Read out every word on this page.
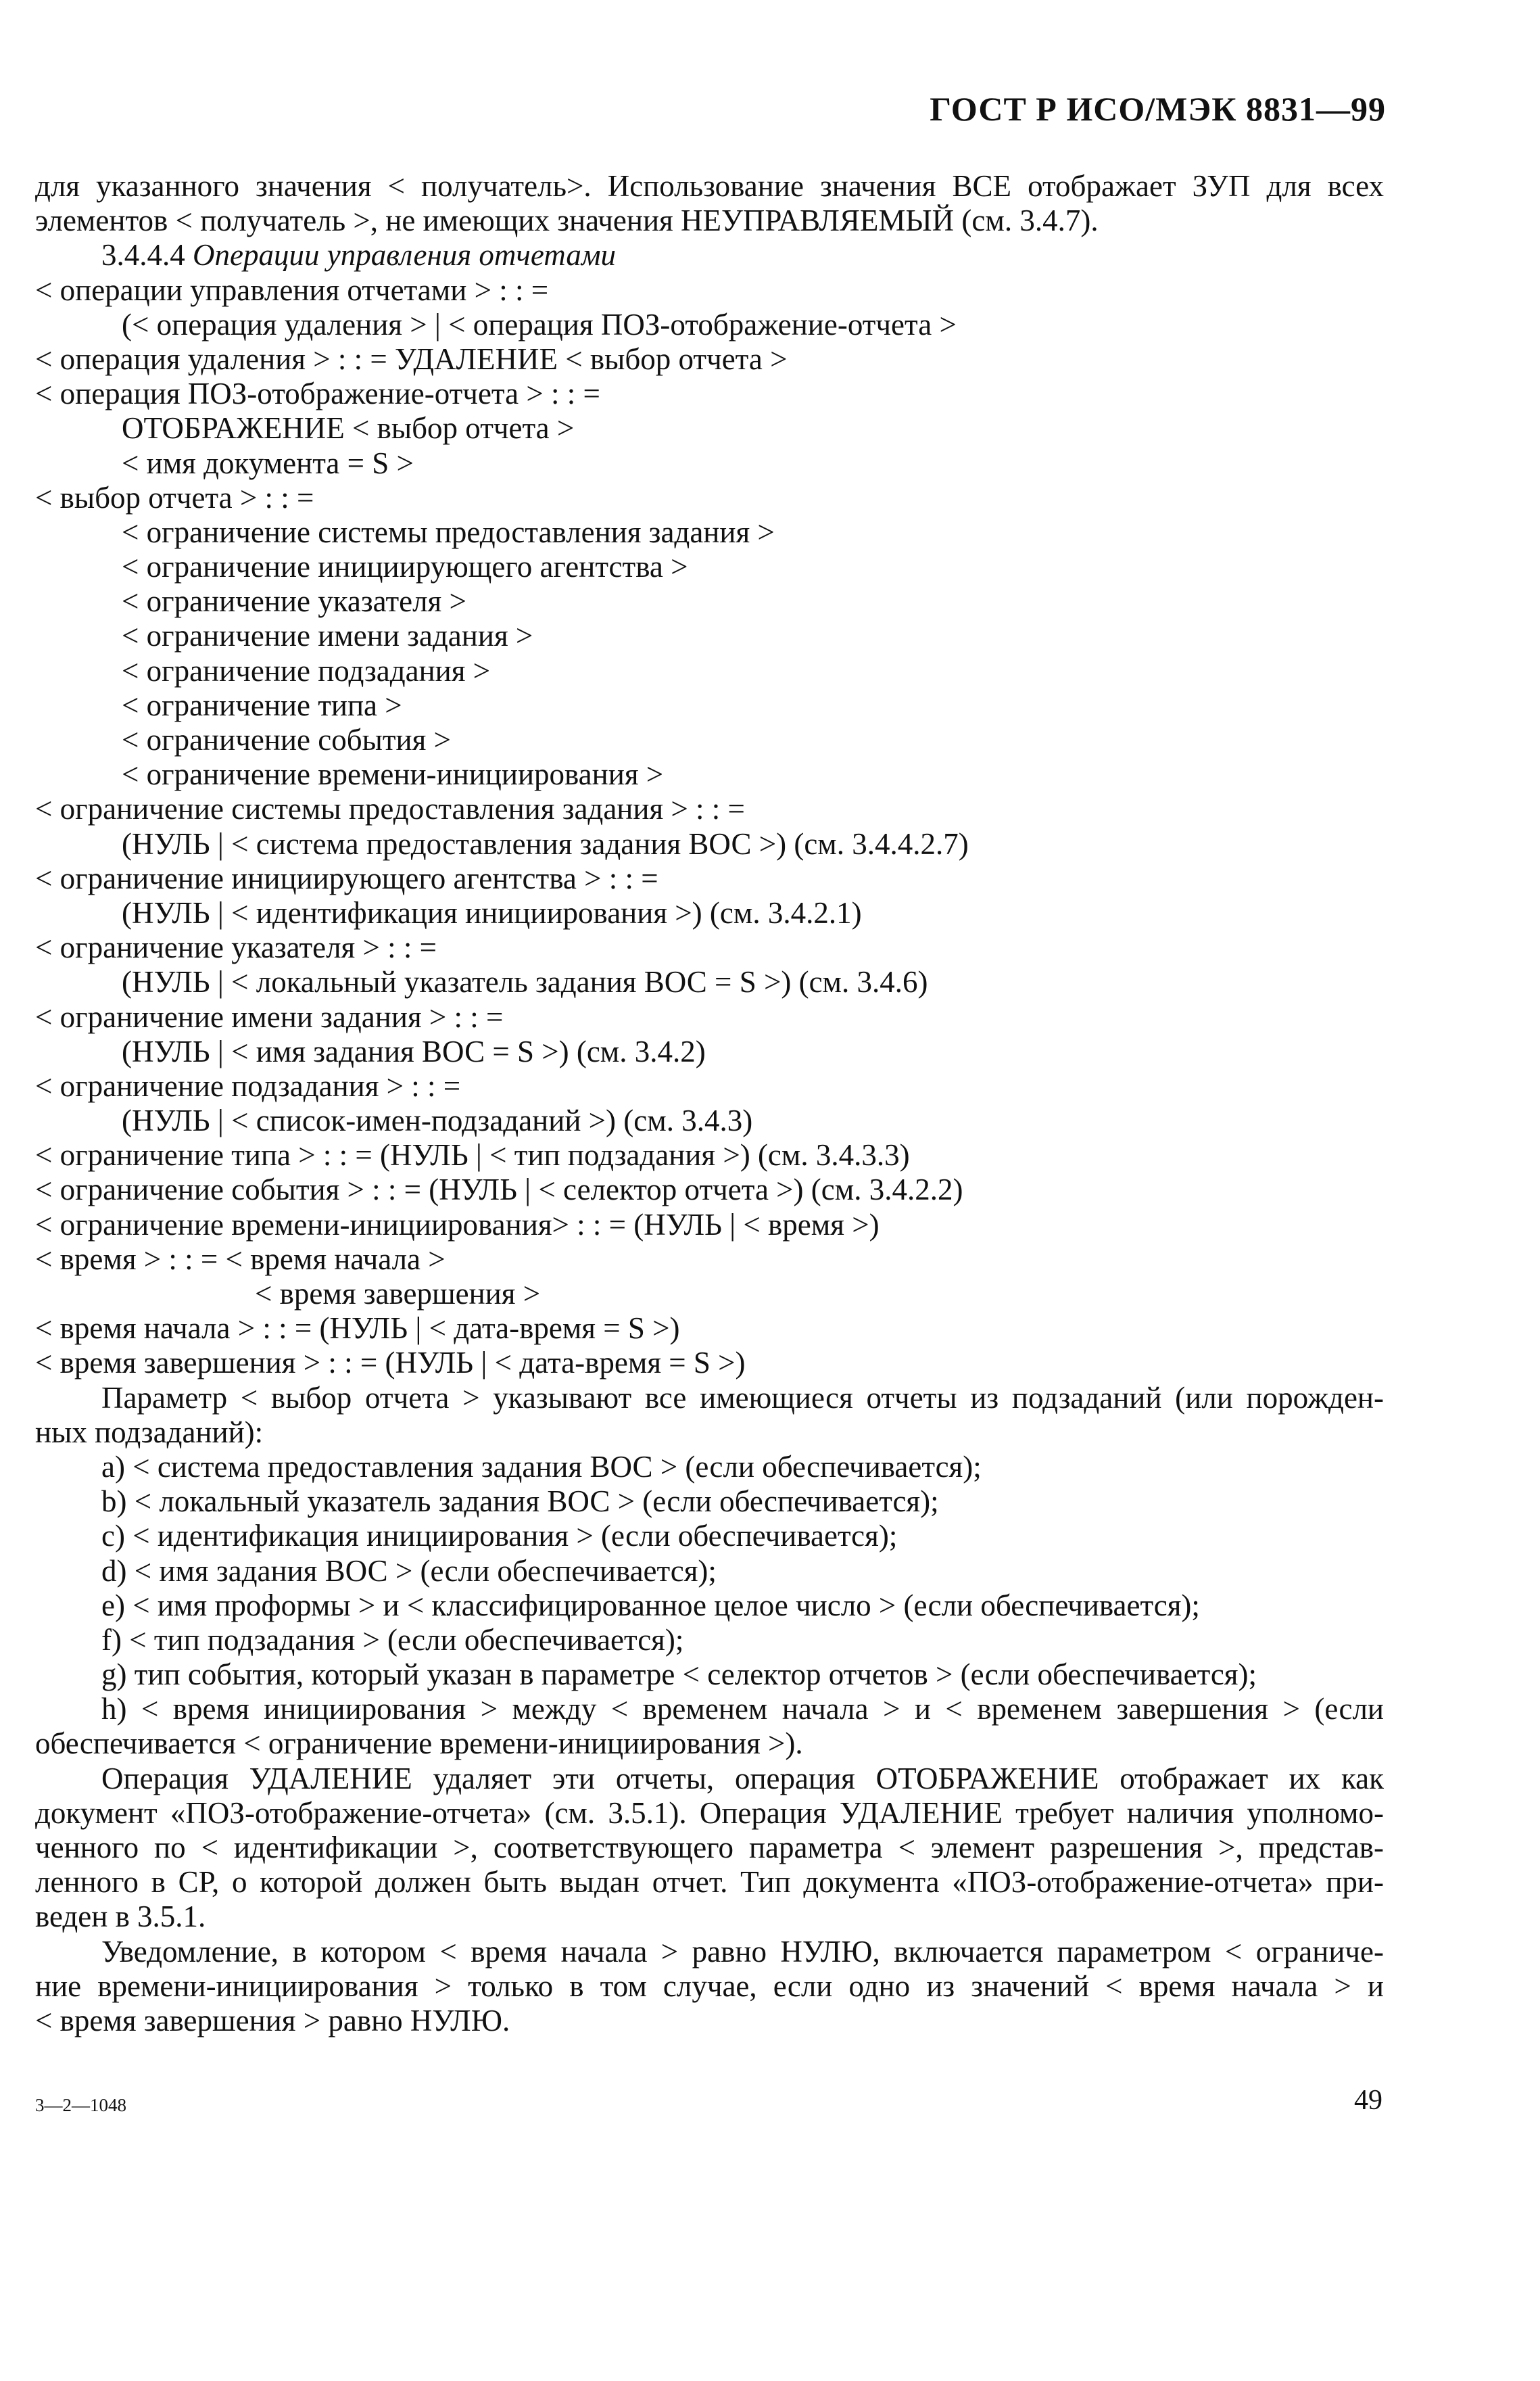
ГОСТ Р ИСО/МЭК 8831—99
для указанного значения < получатель>. Использование значения ВСЕ отображает ЗУП для всех
элементов < получатель >, не имеющих значения НЕУПРАВЛЯЕМЫЙ (см. 3.4.7).
3.4.4.4 Операции управления отчетами
< операции управления отчетами > : : =
(< операция удаления > | < операция ПОЗ-отображение-отчета >
< операция удаления > : : = УДАЛЕНИЕ < выбор отчета >
< операция ПОЗ-отображение-отчета > : : =
ОТОБРАЖЕНИЕ < выбор отчета >
< имя документа = S >
< выбор отчета > : : =
< ограничение системы предоставления задания >
< ограничение инициирующего агентства >
< ограничение указателя >
< ограничение имени задания >
< ограничение подзадания >
< ограничение типа >
< ограничение события >
< ограничение времени-инициирования >
< ограничение системы предоставления задания > : : =
(НУЛЬ | < система предоставления задания ВОС >) (см. 3.4.4.2.7)
< ограничение инициирующего агентства > : : =
(НУЛЬ | < идентификация инициирования >) (см. 3.4.2.1)
< ограничение указателя > : : =
(НУЛЬ | < локальный указатель задания ВОС = S >) (см. 3.4.6)
< ограничение имени задания > : : =
(НУЛЬ | < имя задания ВОС = S >) (см. 3.4.2)
< ограничение подзадания > : : =
(НУЛЬ | < список-имен-подзаданий >) (см. 3.4.3)
< ограничение типа > : : = (НУЛЬ | < тип подзадания >) (см. 3.4.3.3)
< ограничение события > : : = (НУЛЬ | < селектор отчета >) (см. 3.4.2.2)
< ограничение времени-инициирования> : : = (НУЛЬ | < время >)
< время > : : = < время начала >
< время завершения >
< время начала > : : = (НУЛЬ | < дата-время = S >)
< время завершения > : : = (НУЛЬ | < дата-время = S >)
Параметр < выбор отчета > указывают все имеющиеся отчеты из подзаданий (или порожден-
ных подзаданий):
a) < система предоставления задания ВОС > (если обеспечивается);
b) < локальный указатель задания ВОС > (если обеспечивается);
c) < идентификация инициирования > (если обеспечивается);
d) < имя задания ВОС > (если обеспечивается);
e) < имя проформы > и < классифицированное целое число > (если обеспечивается);
f) < тип подзадания > (если обеспечивается);
g) тип события, который указан в параметре < селектор отчетов > (если обеспечивается);
h) < время инициирования > между < временем начала > и < временем завершения > (если
обеспечивается < ограничение времени-инициирования >).
Операция УДАЛЕНИЕ удаляет эти отчеты, операция ОТОБРАЖЕНИЕ отображает их как
документ «ПОЗ-отображение-отчета» (см. 3.5.1). Операция УДАЛЕНИЕ требует наличия уполномо-
ченного по < идентификации >, соответствующего параметра < элемент разрешения >, представ-
ленного в СР, о которой должен быть выдан отчет. Тип документа «ПОЗ-отображение-отчета» при-
веден в 3.5.1.
Уведомление, в котором < время начала > равно НУЛЮ, включается параметром < ограниче-
ние времени-инициирования > только в том случае, если одно из значений < время начала > и
< время завершения > равно НУЛЮ.
3—2—1048	49
